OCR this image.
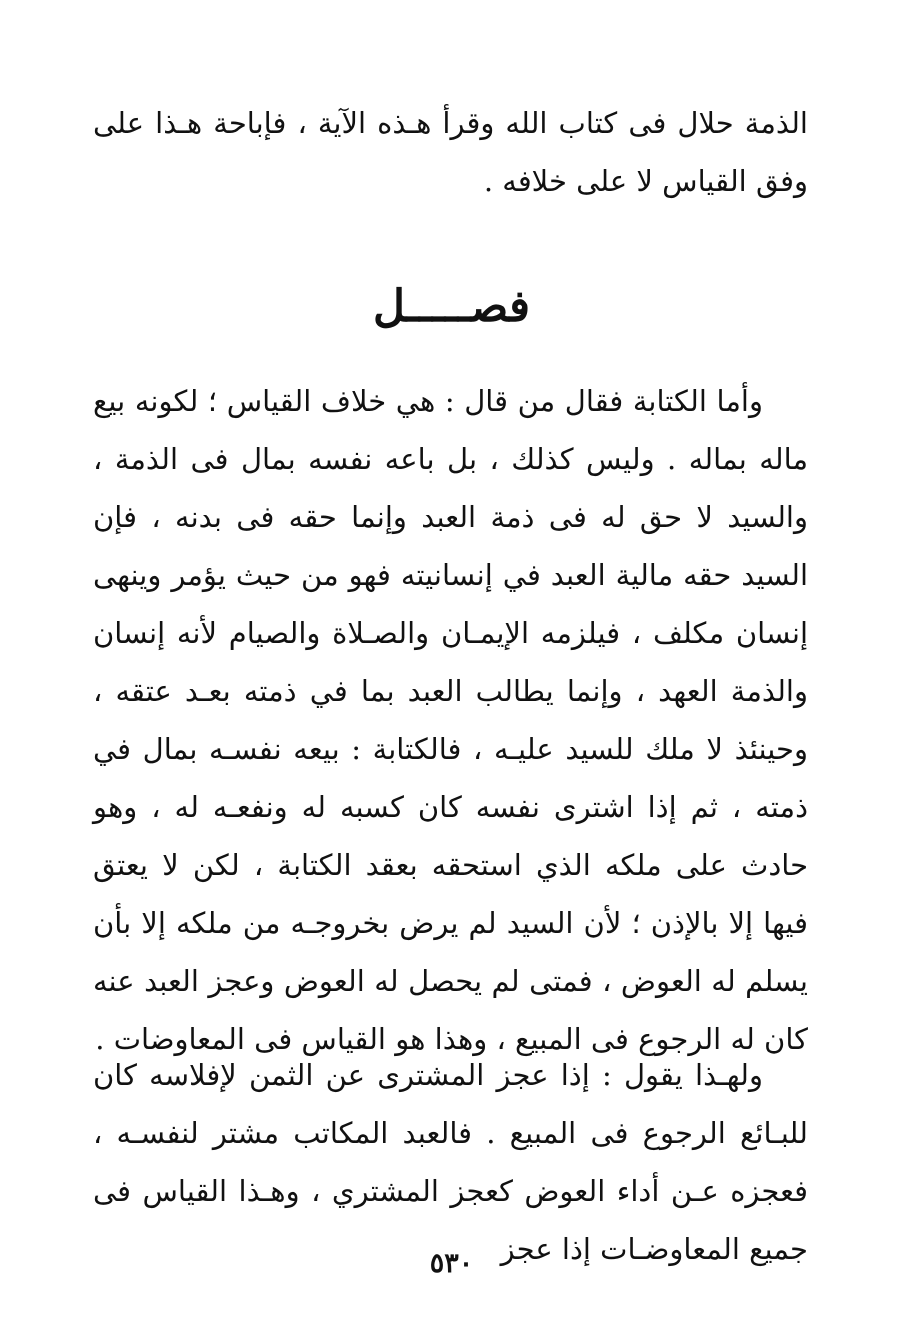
الذمة حلال فى كتاب الله وقرأ هـذه الآية ، فإباحة هـذا على وفق القياس لا على خلافه .

فصـــــل

وأما الكتابة فقال من قال : هي خلاف القياس ؛ لكونه بيع ماله بماله . وليس كذلك ، بل باعه نفسه بمال فى الذمة ، والسيد لا حق له فى ذمة العبد وإنما حقه فى بدنه ، فإن السيد حقه مالية العبد في إنسانيته فهو من حيث يؤمر وينهى إنسان مكلف ، فيلزمه الإيمـان والصـلاة والصيام لأنه إنسان والذمة العهد ، وإنما يطالب العبد بما في ذمته بعـد عتقه ، وحينئذ لا ملك للسيد عليـه ، فالكتابة : بيعه نفسـه بمال في ذمته ، ثم إذا اشترى نفسه كان كسبه له ونفعـه له ، وهو حادث على ملكه الذي استحقه بعقد الكتابة ، لكن لا يعتق فيها إلا بالإذن ؛ لأن السيد لم يرض بخروجـه من ملكه إلا بأن يسلم له العوض ، فمتى لم يحصل له العوض وعجز العبد عنه كان له الرجوع فى المبيع ، وهذا هو القياس فى المعاوضات .

ولهـذا يقول : إذا عجز المشترى عن الثمن لإفلاسه كان للبـائع الرجوع فى المبيع . فالعبد المكاتب مشتر لنفسـه ، فعجزه عـن أداء العوض كعجز المشتري ، وهـذا القياس فى جميع المعاوضـات إذا عجز

٥٣٠
